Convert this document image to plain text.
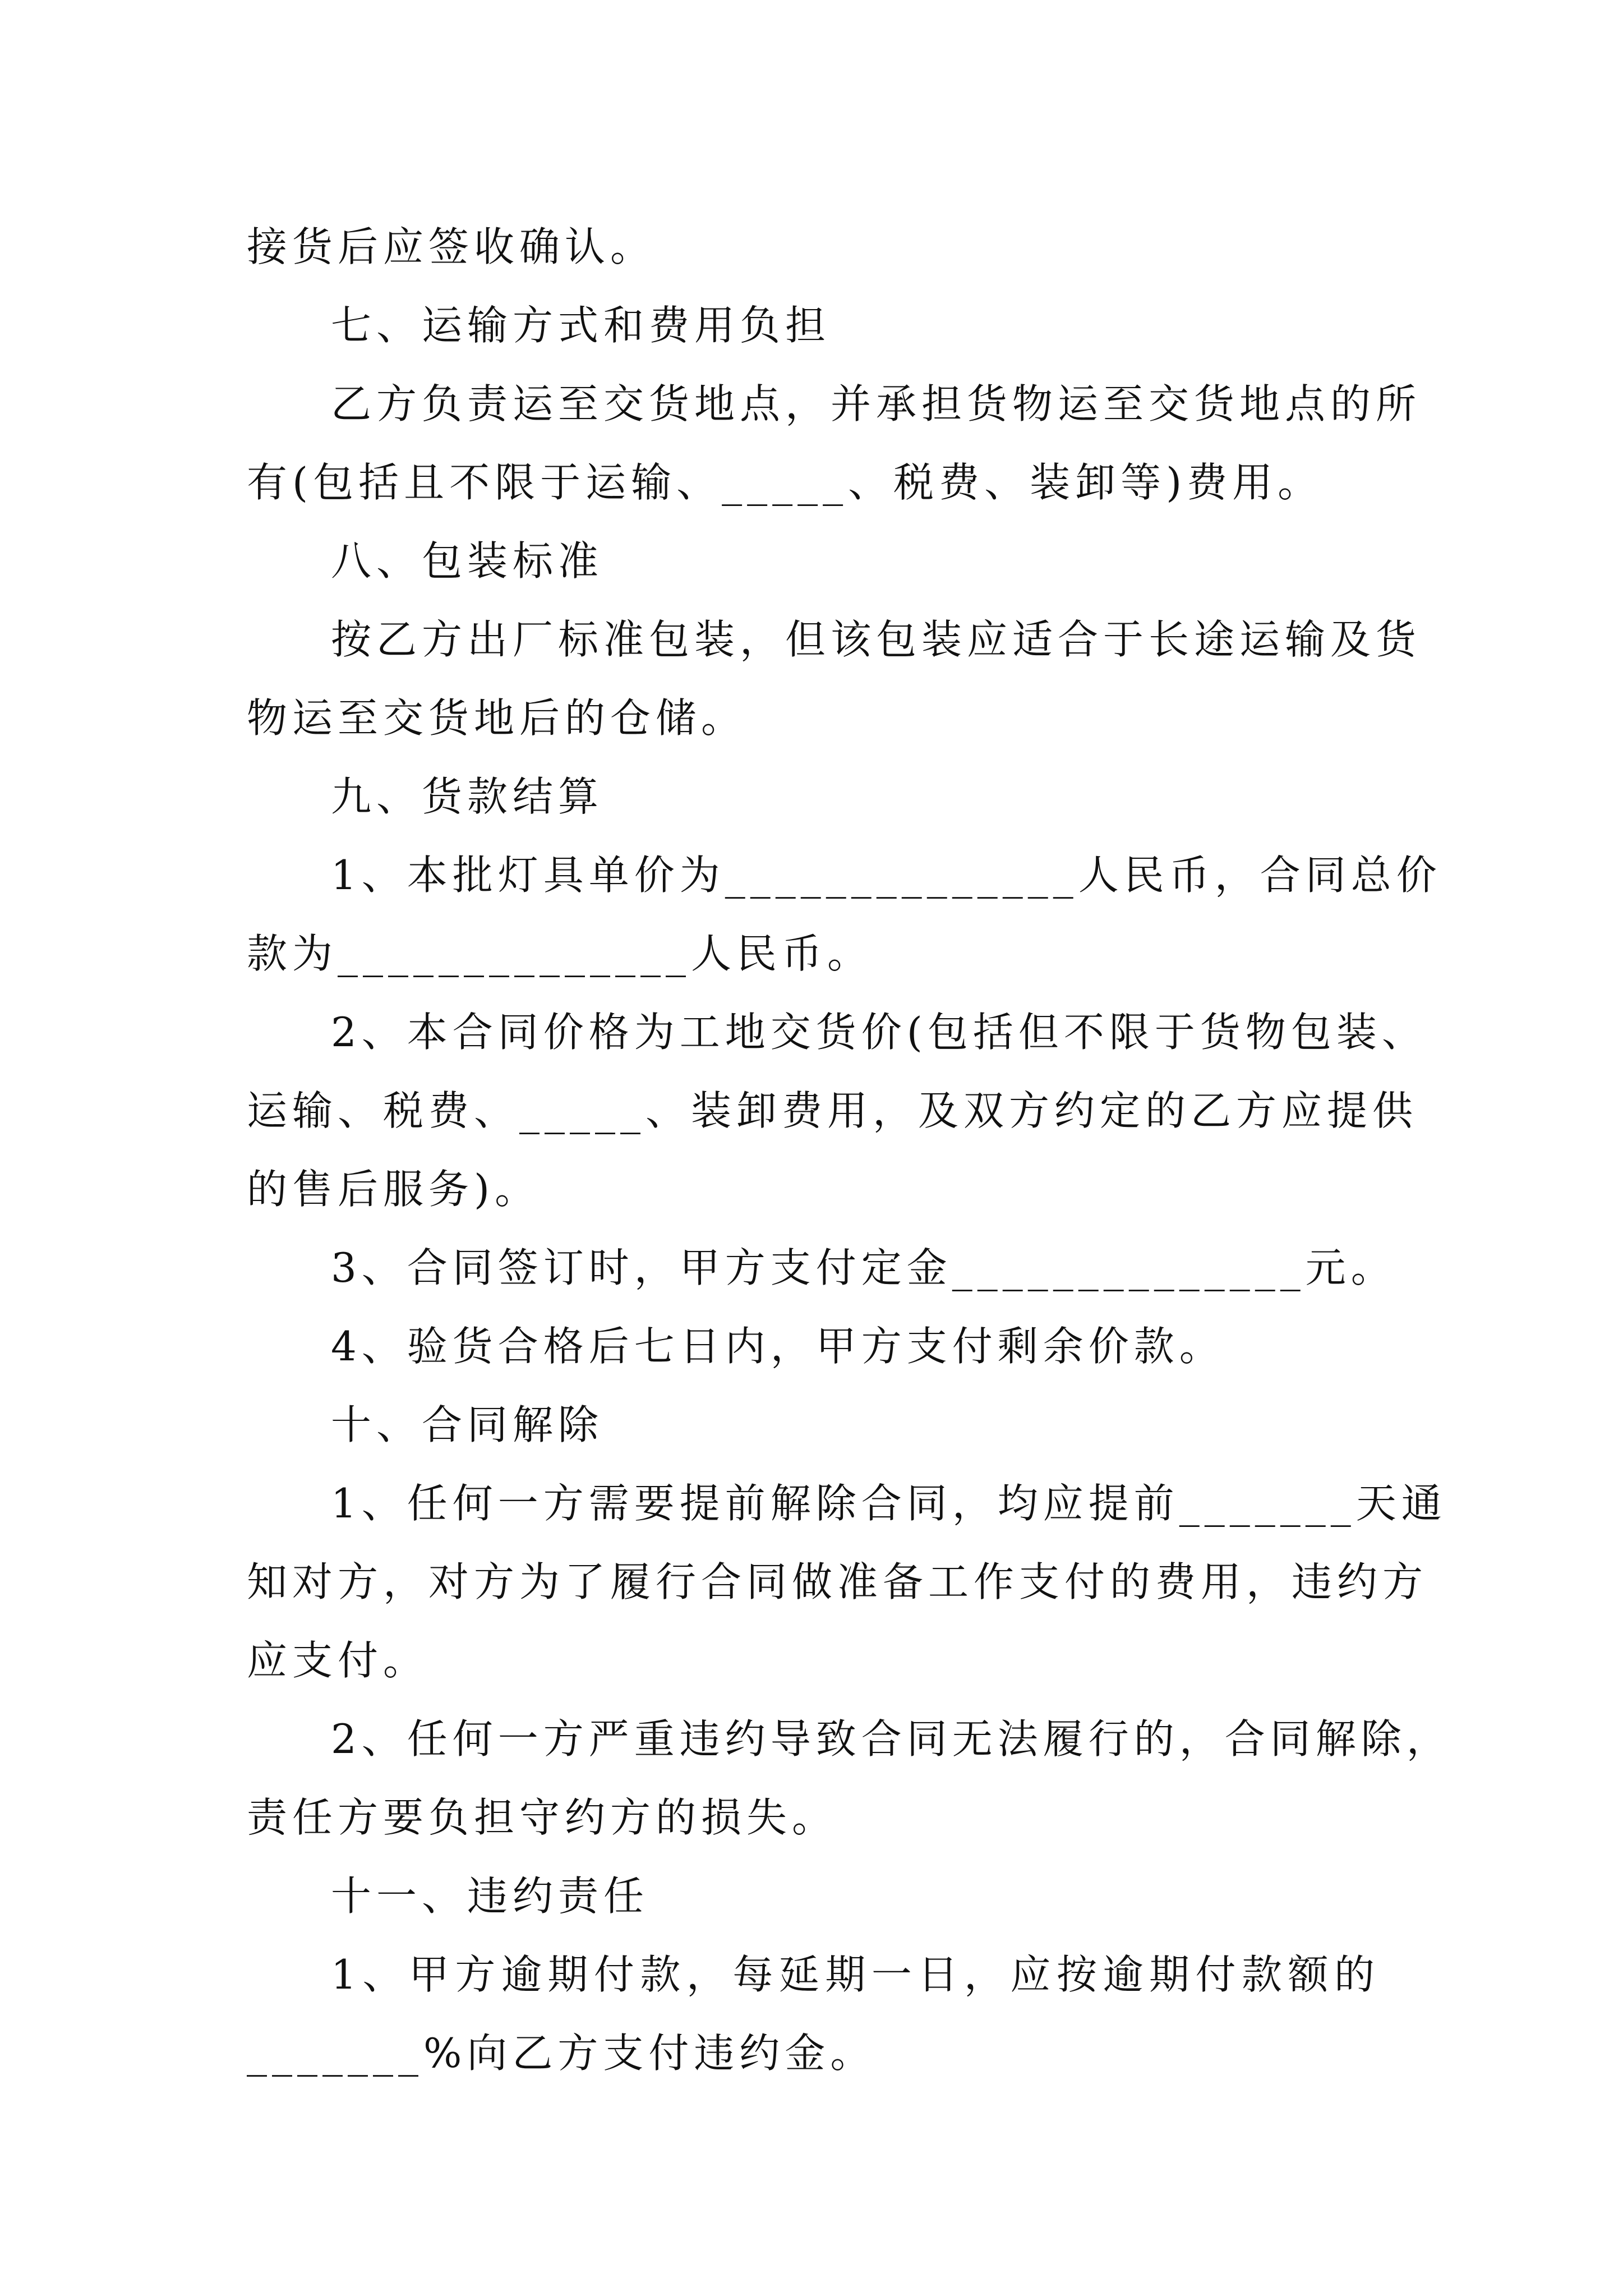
接货后应签收确认。
七、运输方式和费用负担
乙方负责运至交货地点，并承担货物运至交货地点的所
有(包括且不限于运输、_____、税费、装卸等)费用。
八、包装标准
按乙方出厂标准包装，但该包装应适合于长途运输及货
物运至交货地后的仓储。
九、货款结算
1、本批灯具单价为______________人民币，合同总价
款为______________人民币。
2、本合同价格为工地交货价(包括但不限于货物包装、
运输、税费、_____、装卸费用，及双方约定的乙方应提供
的售后服务)。
3、合同签订时，甲方支付定金______________元。
4、验货合格后七日内，甲方支付剩余价款。
十、合同解除
1、任何一方需要提前解除合同，均应提前_______天通
知对方，对方为了履行合同做准备工作支付的费用，违约方
应支付。
2、任何一方严重违约导致合同无法履行的，合同解除，
责任方要负担守约方的损失。
十一、违约责任
1、甲方逾期付款，每延期一日，应按逾期付款额的
_______%向乙方支付违约金。
